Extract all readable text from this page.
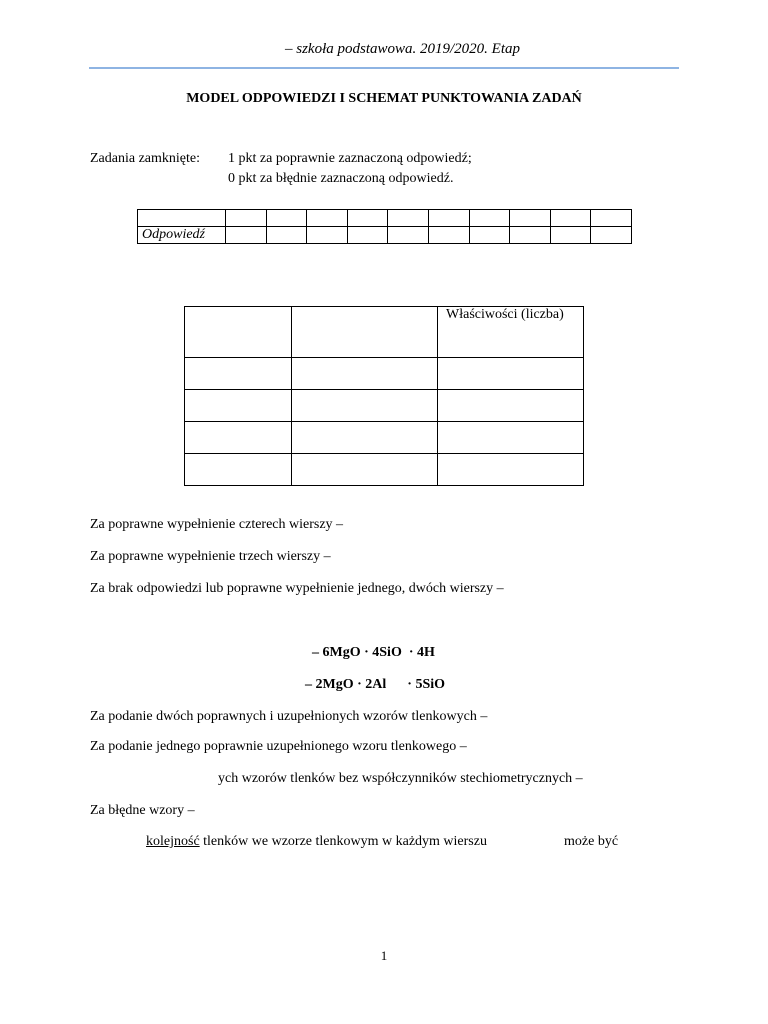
– szkoła podstawowa. 2019/2020. Etap
MODEL ODPOWIEDZI I SCHEMAT PUNKTOWANIA ZADAŃ
Zadania zamknięte: 1 pkt za poprawnie zaznaczoną odpowiedź;
0 pkt za błędnie zaznaczoną odpowiedź.

Odpowiedź										
		Właściwości (liczba)

Za poprawne wypełnienie czterech wierszy –
Za poprawne wypełnienie trzech wierszy –
Za brak odpowiedzi lub poprawne wypełnienie jednego, dwóch wierszy –
– 6MgO · 4SiO  · 4H
– 2MgO · 2Al      · 5SiO
Za podanie dwóch poprawnych i uzupełnionych wzorów tlenkowych –
Za podanie jednego poprawnie uzupełnionego wzoru tlenkowego –
ych wzorów tlenków bez współczynników stechiometrycznych –
Za błędne wzory –
kolejność tlenków we wzorze tlenkowym w każdym wierszu	może być
1
